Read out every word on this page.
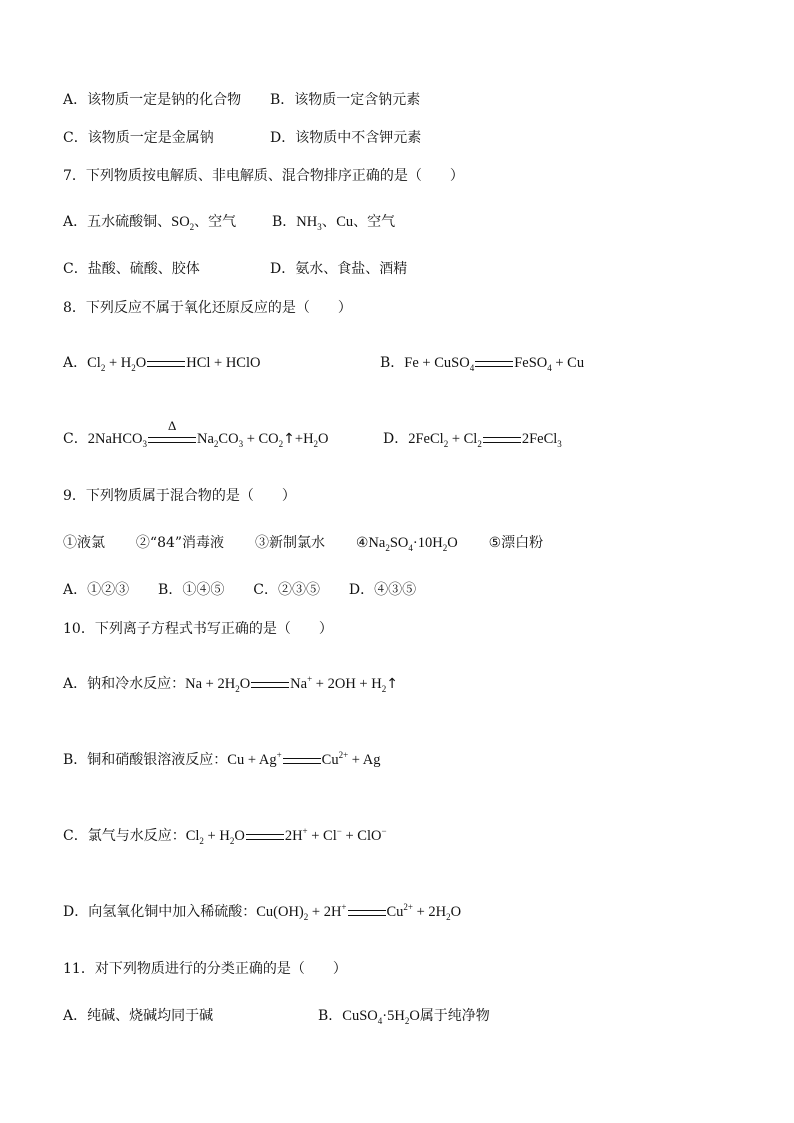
A．该物质一定是钠的化合物 B．该物质一定含钠元素
C．该物质一定是金属钠	D．该物质中不含钾元素
7．下列物质按电解质、非电解质、混合物排序正确的是（　　）
A．五水硫酸铜、$SO_2$、空气	B．$NH_3$、Cu、空气
C．盐酸、硫酸、胶体	D．氨水、食盐、酒精
8．下列反应不属于氧化还原反应的是（　　）
A．$Cl_2 + H_2O$	HCl + HClO	B．Fe + CuSO$_4$	FeSO$_4$ + Cu
C．2NaHCO$_3$
Δ
$Na_2CO_3$ + $CO_2↑+H_2O$	D．2FeCl$_2$ + $Cl_2$	2FeCl$_3$
9．下列物质属于混合物的是（　　）
①液氯 ②“84”消毒液 ③新制氯水 $④Na_2SO_4\cdot 10H_2O$ ⑤漂白粉
A．①②③ B．①④⑤ C．②③⑤ D．④③⑤
10．下列离子方程式书写正确的是（　　）
A．钠和冷水反应：$Na + 2H_2O$	$Na^+ + 2OH + H_2↑$
B．铜和硝酸银溶液反应：Cu + Ag+	$Cu^{2+} + Ag$
C．氯气与水反应：$Cl_2 + H_2O$	2H+ + Cl− + ClO−
D．向氢氧化铜中加入稀硫酸：$Cu(OH)_2 + 2H^+$	$Cu^{2+} + 2H_2O$
11．对下列物质进行的分类正确的是（　　）
A．纯碱、烧碱均同于碱	B．$CuSO_4\cdot 5H_2O$属于纯净物
